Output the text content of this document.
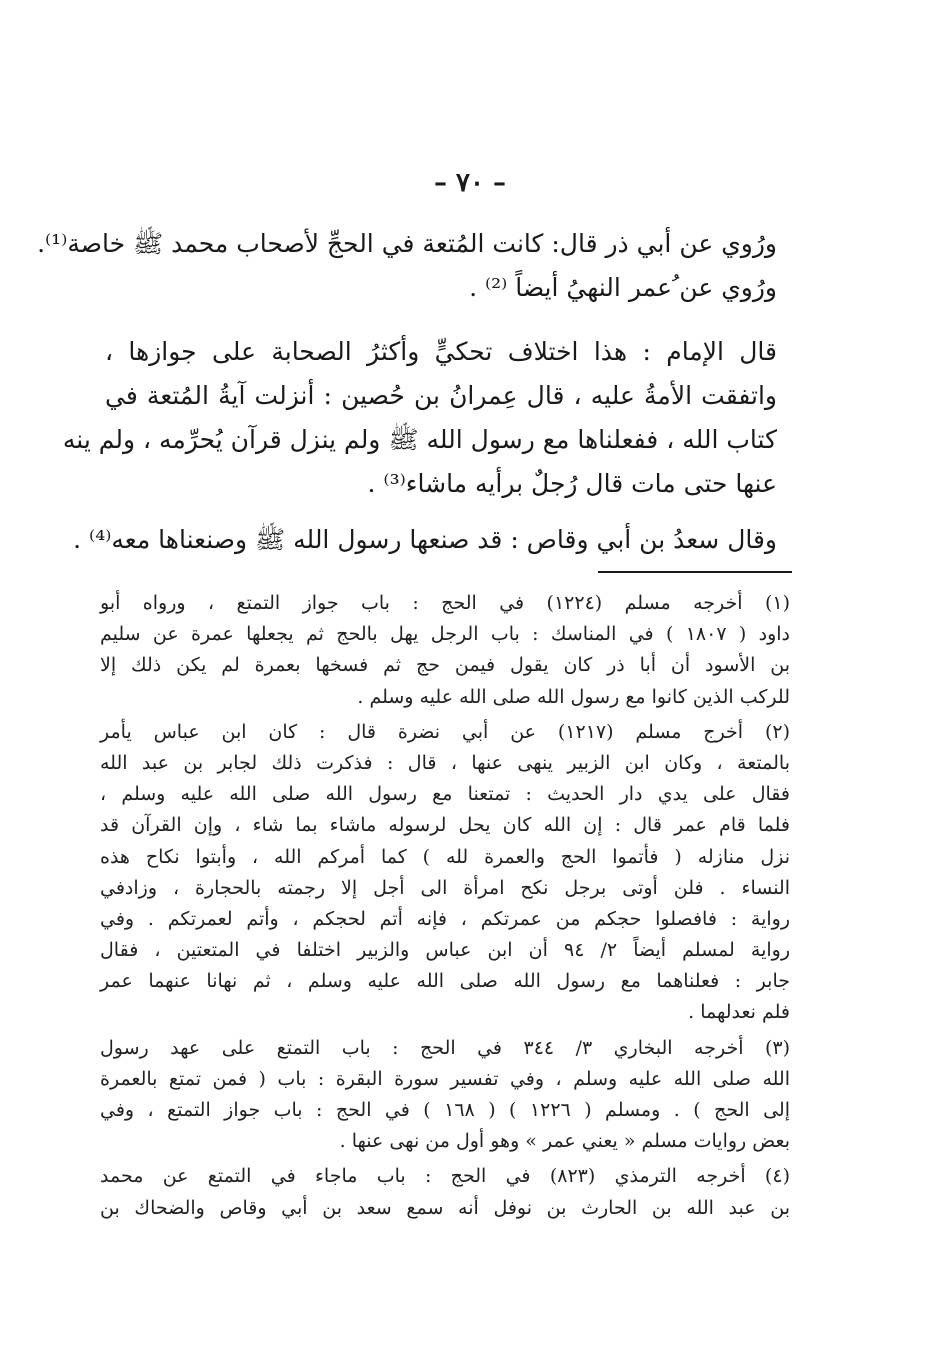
– ٧٠ –
ورُوي عن أبي ذر قال: كانت المُتعة في الحجِّ لأصحاب محمد ﷺ خاصة⁽¹⁾.
ورُوي عن ُعمر النهيُ أيضاً ⁽²⁾ .
قال الإمام : هذا اختلاف تحكيٍّ وأكثرُ الصحابة على جوازها ،
واتفقت الأمةُ عليه ، قال عِمرانُ بن حُصين : أنزلت آيةُ المُتعة في
كتاب الله ، ففعلناها مع رسول الله ﷺ ولم ينزل قرآن يُحرِّمه ، ولم ينه
عنها حتى مات قال رُجلٌ برأيه ماشاء⁽³⁾ .
وقال سعدُ بن أبي وقاص : قد صنعها رسول الله ﷺ وصنعناها معه⁽⁴⁾ .
(١) أخرجه مسلم (١٢٢٤) في الحج : باب جواز التمتع ، ورواه أبو
داود ( ١٨٠٧ ) في المناسك : باب الرجل يهل بالحج ثم يجعلها عمرة عن سليم
بن الأسود أن أبا ذر كان يقول فيمن حج ثم فسخها بعمرة لم يكن ذلك إلا
للركب الذين كانوا مع رسول الله صلى الله عليه وسلم .
(٢) أخرج مسلم (١٢١٧) عن أبي نضرة قال : كان ابن عباس يأمر
بالمتعة ، وكان ابن الزبير ينهى عنها ، قال : فذكرت ذلك لجابر بن عبد الله
فقال على يدي دار الحديث : تمتعنا مع رسول الله صلى الله عليه وسلم ،
فلما قام عمر قال : إن الله كان يحل لرسوله ماشاء بما شاء ، وإن القرآن قد
نزل منازله ( فأتموا الحج والعمرة لله ) كما أمركم الله ، وأبتوا نكاح هذه
النساء . فلن أوتى برجل نكح امرأة الى أجل إلا رجمته بالحجارة ، وزادفي
رواية : فافصلوا حجكم من عمرتكم ، فإنه أتم لحجكم ، وأتم لعمرتكم . وفي
رواية لمسلم أيضاً ٢/ ٩٤ أن ابن عباس والزبير اختلفا في المتعتين ، فقال
جابر : فعلناهما مع رسول الله صلى الله عليه وسلم ، ثم نهانا عنهما عمر
فلم نعدلهما .
(٣) أخرجه البخاري ٣/ ٣٤٤ في الحج : باب التمتع على عهد رسول
الله صلى الله عليه وسلم ، وفي تفسير سورة البقرة : باب ( فمن تمتع بالعمرة
إلى الحج ) . ومسلم ( ١٢٢٦ ) ( ١٦٨ ) في الحج : باب جواز التمتع ، وفي
بعض روايات مسلم « يعني عمر » وهو أول من نهى عنها .
(٤) أخرجه الترمذي (٨٢٣) في الحج : باب ماجاء في التمتع عن محمد
بن عبد الله بن الحارث بن نوفل أنه سمع سعد بن أبي وقاص والضحاك بن
